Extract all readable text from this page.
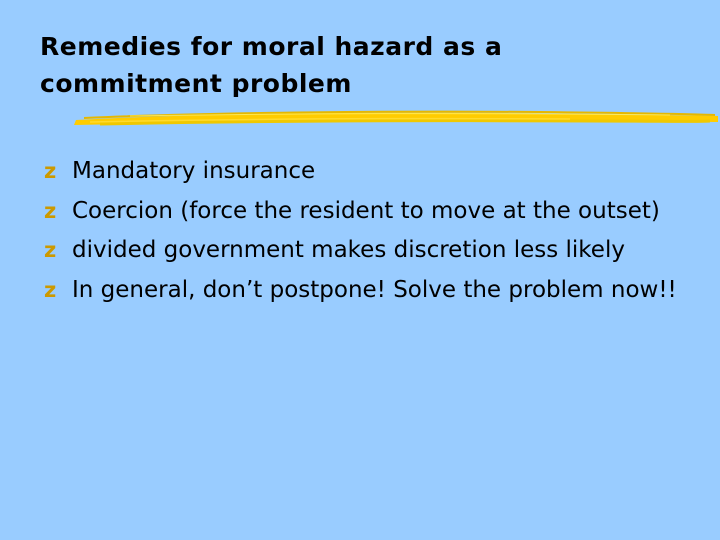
Remedies for moral hazard as a commitment problem
z Mandatory insurance
z Coercion (force the resident to move at the outset)
z divided government makes discretion less likely
z In general, don’t postpone! Solve the problem now!!
